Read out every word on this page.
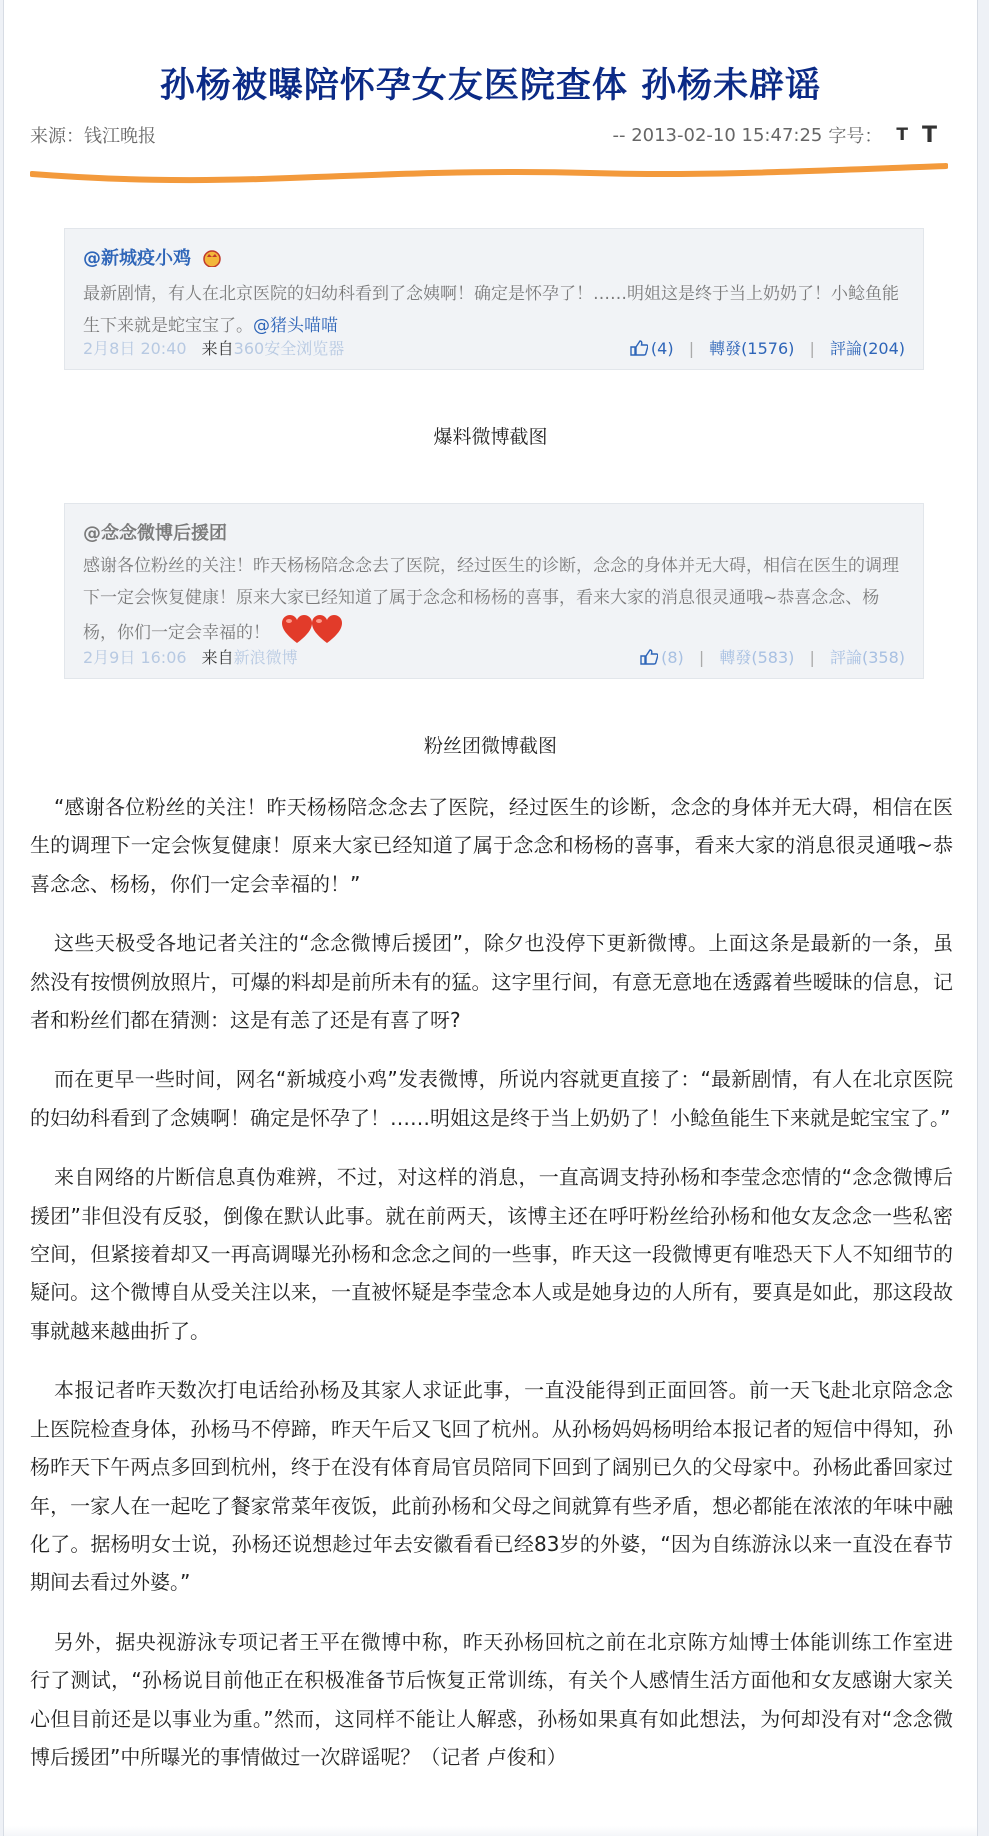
孙杨被曝陪怀孕女友医院查体 孙杨未辟谣
来源：钱江晚报	-- 2013-02-10 15:47:25 字号： T T
@新城疫小鸡
最新剧情，有人在北京医院的妇幼科看到了念姨啊！确定是怀孕了！……明姐这是终于当上奶奶了！小鲶鱼能生下来就是蛇宝宝了。@猪头喵喵
2月8日 20:40 来自360安全浏览器	(4) | 轉發(1576) | 評論(204)
爆料微博截图
@念念微博后援团
感谢各位粉丝的关注！昨天杨杨陪念念去了医院，经过医生的诊断，念念的身体并无大碍，相信在医生的调理下一定会恢复健康！原来大家已经知道了属于念念和杨杨的喜事，看来大家的消息很灵通哦~恭喜念念、杨杨，你们一定会幸福的！
2月9日 16:06 来自新浪微博	(8) | 轉發(583) | 評論(358)
粉丝团微博截图

“感谢各位粉丝的关注！昨天杨杨陪念念去了医院，经过医生的诊断，念念的身体并无大碍，相信在医生的调理下一定会恢复健康！原来大家已经知道了属于念念和杨杨的喜事，看来大家的消息很灵通哦~恭喜念念、杨杨，你们一定会幸福的！”

这些天极受各地记者关注的“念念微博后援团”，除夕也没停下更新微博。上面这条是最新的一条，虽然没有按惯例放照片，可爆的料却是前所未有的猛。这字里行间，有意无意地在透露着些暧昧的信息，记者和粉丝们都在猜测：这是有恙了还是有喜了呀?

而在更早一些时间，网名“新城疫小鸡”发表微博，所说内容就更直接了：“最新剧情，有人在北京医院的妇幼科看到了念姨啊！确定是怀孕了！……明姐这是终于当上奶奶了！小鲶鱼能生下来就是蛇宝宝了。”

来自网络的片断信息真伪难辨，不过，对这样的消息，一直高调支持孙杨和李莹念恋情的“念念微博后援团”非但没有反驳，倒像在默认此事。就在前两天，该博主还在呼吁粉丝给孙杨和他女友念念一些私密空间，但紧接着却又一再高调曝光孙杨和念念之间的一些事，昨天这一段微博更有唯恐天下人不知细节的疑问。这个微博自从受关注以来，一直被怀疑是李莹念本人或是她身边的人所有，要真是如此，那这段故事就越来越曲折了。

本报记者昨天数次打电话给孙杨及其家人求证此事，一直没能得到正面回答。前一天飞赴北京陪念念上医院检查身体，孙杨马不停蹄，昨天午后又飞回了杭州。从孙杨妈妈杨明给本报记者的短信中得知，孙杨昨天下午两点多回到杭州，终于在没有体育局官员陪同下回到了阔别已久的父母家中。孙杨此番回家过年，一家人在一起吃了餐家常菜年夜饭，此前孙杨和父母之间就算有些矛盾，想必都能在浓浓的年味中融化了。据杨明女士说，孙杨还说想趁过年去安徽看看已经83岁的外婆，“因为自练游泳以来一直没在春节期间去看过外婆。”

另外，据央视游泳专项记者王平在微博中称，昨天孙杨回杭之前在北京陈方灿博士体能训练工作室进行了测试，“孙杨说目前他正在积极准备节后恢复正常训练，有关个人感情生活方面他和女友感谢大家关心但目前还是以事业为重。”然而，这同样不能让人解惑，孙杨如果真有如此想法，为何却没有对“念念微博后援团”中所曝光的事情做过一次辟谣呢？（记者 卢俊和）
